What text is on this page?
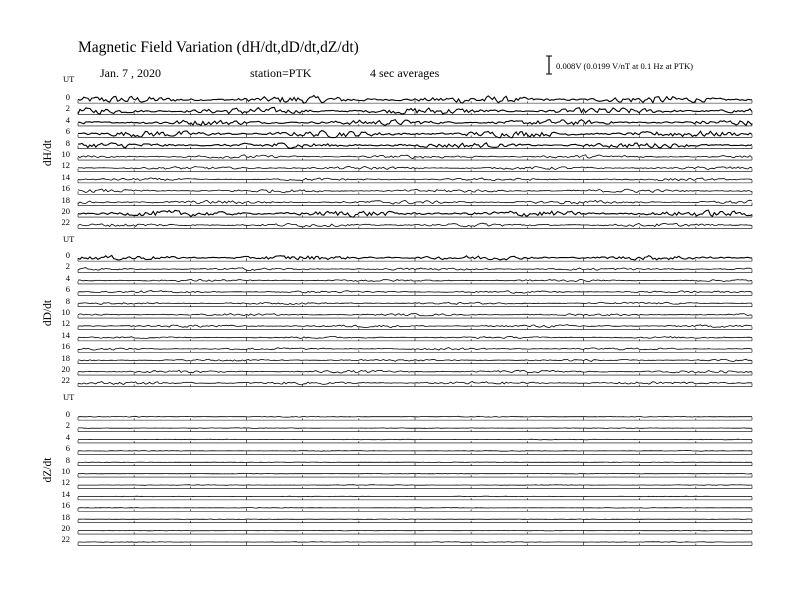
Magnetic Field Variation (dH/dt,dD/dt,dZ/dt)
Jan. 7 , 2020	station=PTK	4 sec averages	0.008V (0.0199 V/nT at 0.1 Hz at PTK)
UT
dH/dt
0
2
4
6
8
10
12
14
16
18
20
22
UT
dD/dt
0
2
4
6
8
10
12
14
16
18
20
22
UT
dZ/dt
0
2
4
6
8
10
12
14
16
18
20
22
